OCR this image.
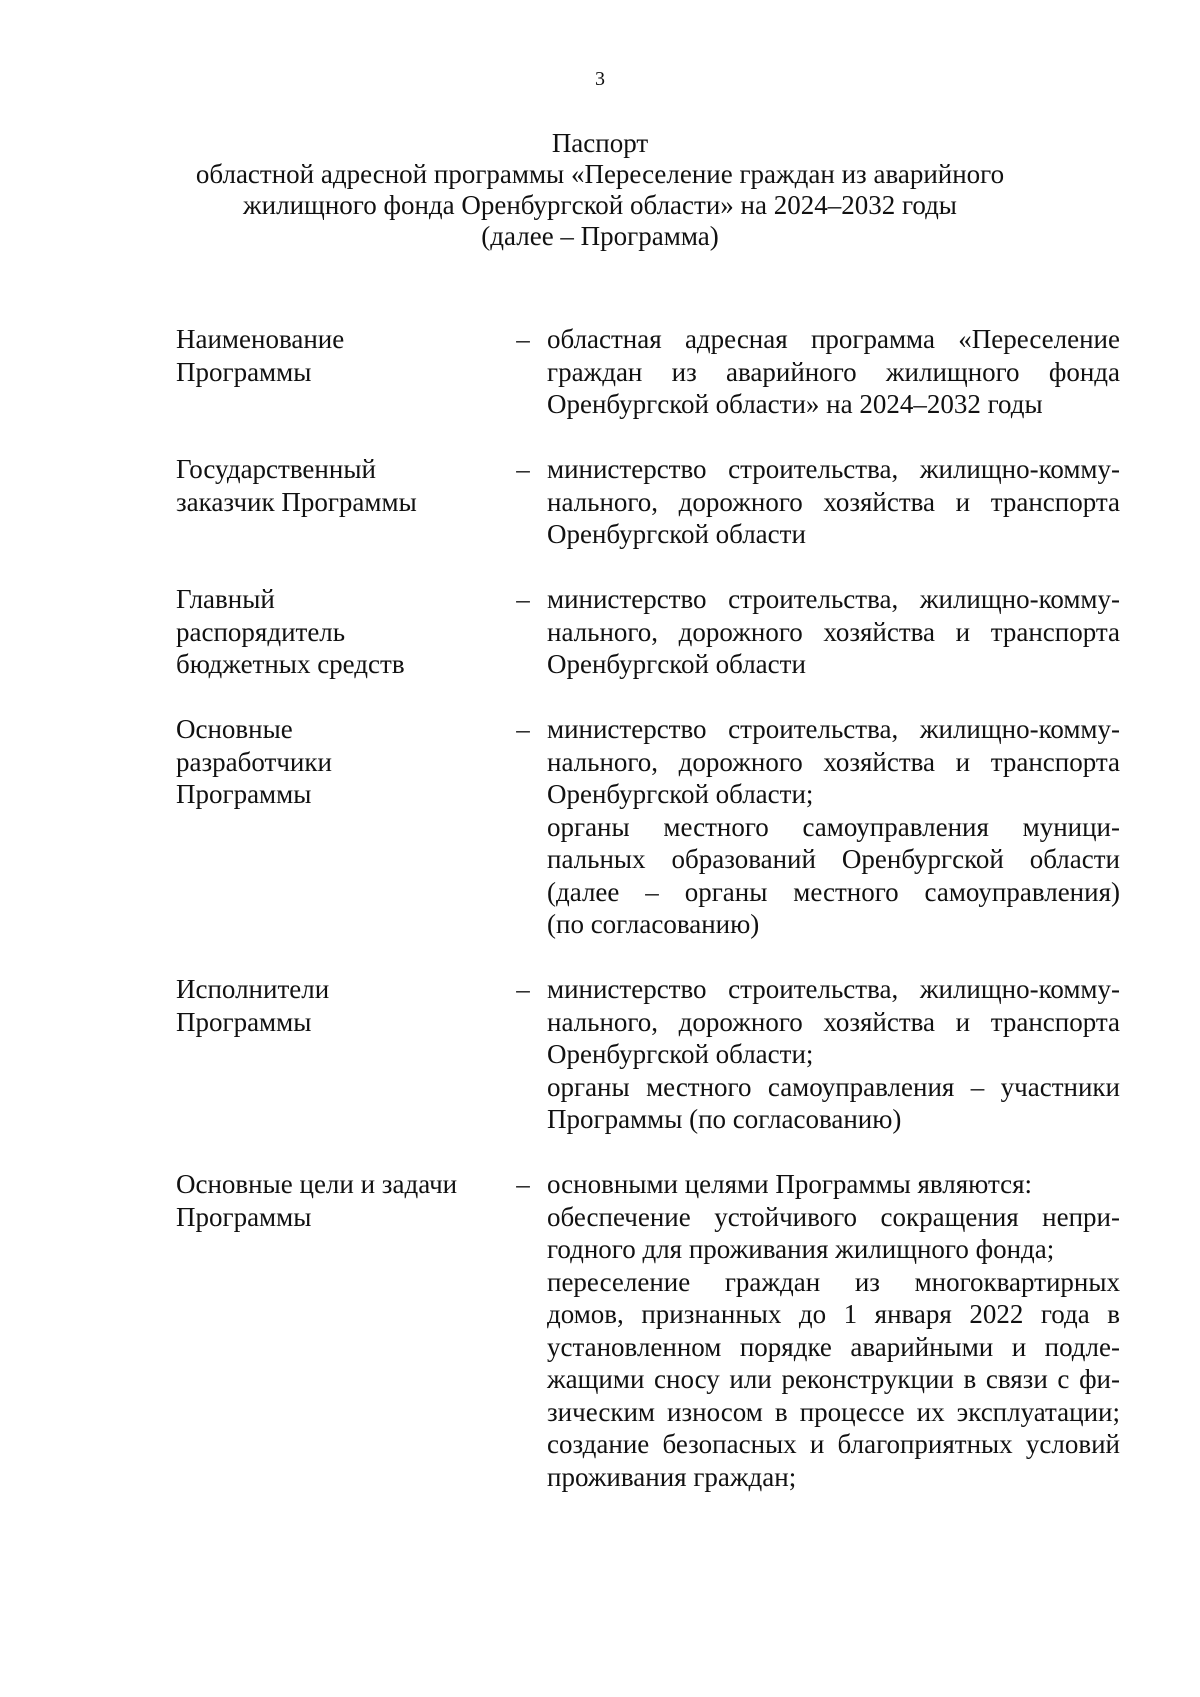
3
Паспорт
областной адресной программы «Переселение граждан из аварийного
жилищного фонда Оренбургской области» на 2024–2032 годы
(далее – Программа)
Наименование
Программы
– областная адресная программа «Переселение
граждан из аварийного жилищного фонда
Оренбургской области» на 2024–2032 годы
Государственный
заказчик Программы
– министерство строительства, жилищно-комму-
нального, дорожного хозяйства и транспорта
Оренбургской области
Главный
распорядитель
бюджетных средств
– министерство строительства, жилищно-комму-
нального, дорожного хозяйства и транспорта
Оренбургской области
Основные
разработчики
Программы
– министерство строительства, жилищно-комму-
нального, дорожного хозяйства и транспорта
Оренбургской области;
органы местного самоуправления муници-
пальных образований Оренбургской области
(далее – органы местного самоуправления)
(по согласованию)
Исполнители
Программы
– министерство строительства, жилищно-комму-
нального, дорожного хозяйства и транспорта
Оренбургской области;
органы местного самоуправления – участники
Программы (по согласованию)
Основные цели и задачи
Программы
– основными целями Программы являются:
обеспечение устойчивого сокращения непри-
годного для проживания жилищного фонда;
переселение граждан из многоквартирных
домов, признанных до 1 января 2022 года в
установленном порядке аварийными и подле-
жащими сносу или реконструкции в связи с фи-
зическим износом в процессе их эксплуатации;
создание безопасных и благоприятных условий
проживания граждан;
